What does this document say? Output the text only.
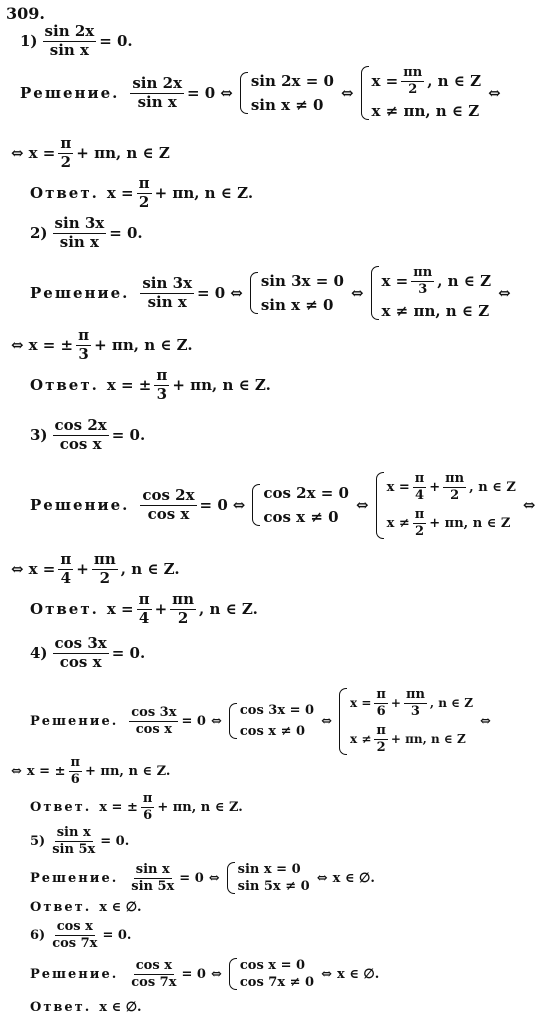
309.
$1) \frac{\sin 2x}{\text{sin x}} = 0$.
Решение. $\frac{\sin 2x}{\text{sin x}} = 0$ ⇔
sin 2x = 0
sin x ≠ 0
⇔
$x = \frac{\pi n}{2}$ , n ∈ Z
x ≠ πn, n ∈ Z
⇔
⇔ $x = \frac{\pi}{2} + \pi n$, n ∈ Z
Ответ. $x = \frac{\pi}{2} + \pi n$, n ∈ Z.
$2) \frac{\sin 3x}{\text{sin x}} = 0$.
Решение. $\frac{\sin 3x}{\text{sin x}} = 0$ ⇔
sin 3x = 0
sin x ≠ 0
⇔
$x = \frac{\pi n}{3}$ , n ∈ Z
x ≠ πn, n ∈ Z
⇔
⇔ x = ± $\frac{\pi}{3} + \pi n$, n ∈ Z.
Ответ. x = ± $\frac{\pi}{3} + \pi n$, n ∈ Z.
$3) \frac{\cos 2x}{\text{cos x}} = 0$.
Решение. $\frac{\cos 2x}{\text{cos x}} = 0$ ⇔
cos 2x = 0
cos x ≠ 0
⇔
$x = \frac{\pi}{4} + \frac{\pi n}{2}$ , n ∈ Z
$x \ne \frac{\pi}{2} + \pi n$, n ∈ Z
⇔
⇔ $x = \frac{\pi}{4} + \frac{\pi n}{2}$ , n ∈ Z.
Ответ. $x = \frac{\pi}{4} + \frac{\pi n}{2}$ , n ∈ Z.
$4) \frac{\cos 3x}{\text{cos x}} = 0$.
Решение. $\frac{\cos 3x}{\text{cos x}} = 0$ ⇔
cos 3x = 0
cos x ≠ 0
⇔
$x = \frac{\pi}{6} + \frac{\pi n}{3}$ , n ∈ Z
$x \ne \frac{\pi}{2} + \pi n$, n ∈ Z
⇔
⇔ x = ± $\frac{\pi}{6} + \pi n$, n ∈ Z.
Ответ. x = ± $\frac{\pi}{6} + \pi n$, n ∈ Z.
$5) \frac{\text{sin x}}{\sin 5x} = 0$.
Решение. $\frac{\text{sin x}}{\sin 5x} = 0$ ⇔
sin x = 0
sin 5x ≠ 0
⇔ x ∈ ∅.
Ответ. x ∈ ∅.
$6) \frac{\text{cos x}}{\cos 7x} = 0$.
Решение. $\frac{\text{cos x}}{\cos 7x} = 0$ ⇔
cos x = 0
cos 7x ≠ 0
⇔ x ∈ ∅.
Ответ. x ∈ ∅.
